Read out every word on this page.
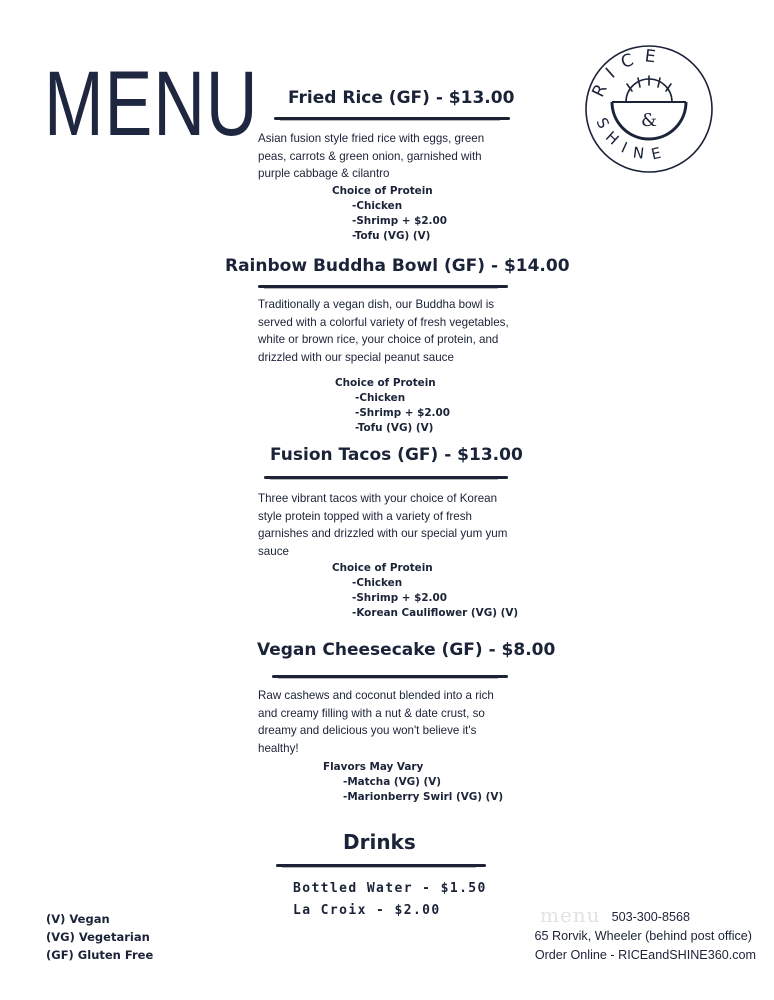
MENU	RICE
SHINE
&
Fried Rice (GF) - $13.00
Asian fusion style fried rice with eggs, green peas, carrots & green onion, garnished with purple cabbage & cilantro
Choice of Protein
-Chicken
-Shrimp + $2.00
-Tofu (VG) (V)
Rainbow Buddha Bowl (GF) - $14.00
Traditionally a vegan dish, our Buddha bowl is served with a colorful variety of fresh vegetables, white or brown rice, your choice of protein, and drizzled with our special peanut sauce
Choice of Protein
-Chicken
-Shrimp + $2.00
-Tofu (VG) (V)
Fusion Tacos (GF) - $13.00
Three vibrant tacos with your choice of Korean style protein topped with a variety of fresh garnishes and drizzled with our special yum yum sauce
Choice of Protein
-Chicken
-Shrimp + $2.00
-Korean Cauliflower (VG) (V)
Vegan Cheesecake (GF) - $8.00
Raw cashews and coconut blended into a rich and creamy filling with a nut & date crust, so dreamy and delicious you won't believe it's healthy!
Flavors May Vary
-Matcha (VG) (V)
-Marionberry Swirl (VG) (V)
Drinks
Bottled Water - $1.50
La Croix - $2.00
(V) Vegan
(VG) Vegetarian
(GF) Gluten Free
menu 503-300-8568
65 Rorvik, Wheeler (behind post office)
Order Online - RICEandSHINE360.com
